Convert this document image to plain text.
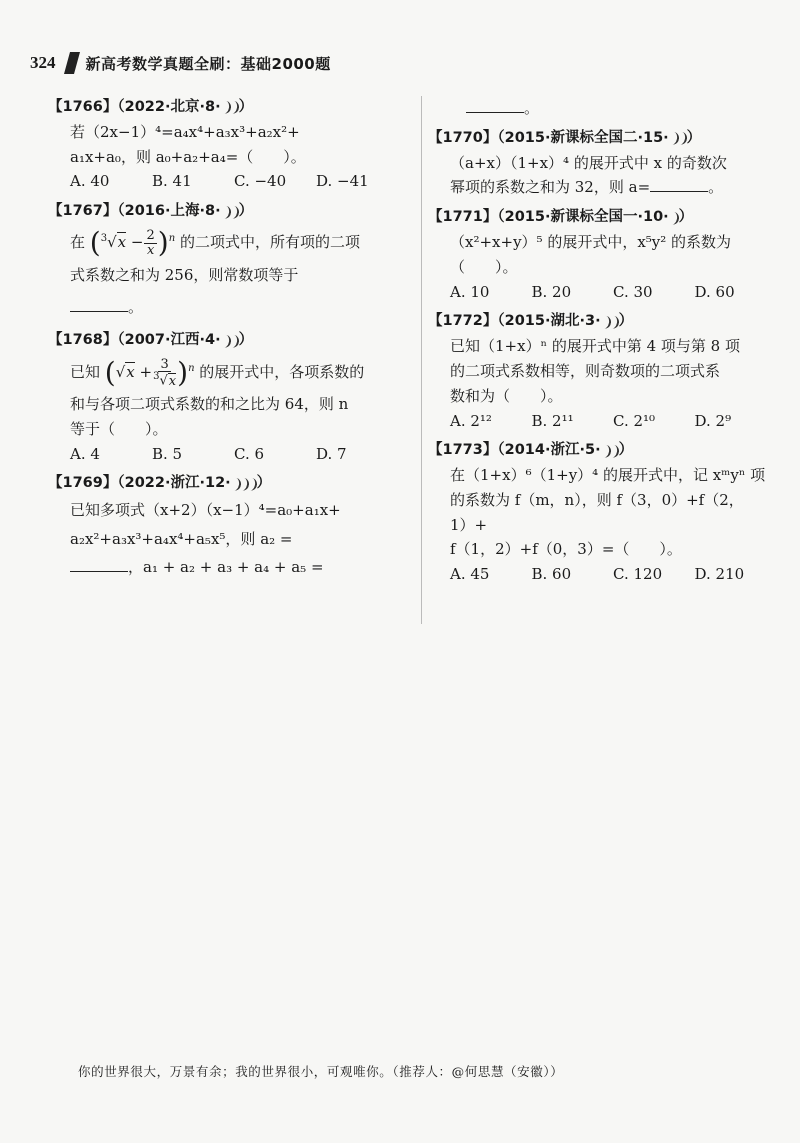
324 新高考数学真题全刷：基础2000题
【1766】（2022·北京·8· ）
若（2x−1）⁴=a₄x⁴+a₃x³+a₂x²+
a₁x+a₀，则 a₀+a₂+a₄=（　　）。
A. 40	B. 41	C. −40	D. −41
【1767】（2016·上海·8· ）
在 $(^3√x - \frac{2}{x} )^n$ 的二项式中，所有项的二项
式系数之和为 256，则常数项等于
。
【1768】（2007·江西·4· ）
已知 $(√x + \frac{3}{^3√x} )^n$ 的展开式中，各项系数的
和与各项二项式系数的和之比为 64，则 n
等于（　　）。
A. 4	B. 5	C. 6	D. 7
【1769】（2022·浙江·12· ）
已知多项式（x+2）（x−1）⁴=a₀+a₁x+
a₂x²+a₃x³+a₄x⁴+a₅x⁵，则 a₂ =
，a₁ + a₂ + a₃ + a₄ + a₅ =
。
【1770】（2015·新课标全国二·15· ）
（a+x）（1+x）⁴ 的展开式中 x 的奇数次
幂项的系数之和为 32，则 a=	。
【1771】（2015·新课标全国一·10· ）
（x²+x+y）⁵ 的展开式中，x⁵y² 的系数为
（　　）。
A. 10	B. 20	C. 30	D. 60
【1772】（2015·湖北·3· ）
已知（1+x）ⁿ 的展开式中第 4 项与第 8 项
的二项式系数相等，则奇数项的二项式系
数和为（　　）。
A. 2¹²	B. 2¹¹	C. 2¹⁰	D. 2⁹
【1773】（2014·浙江·5· ）
在（1+x）⁶（1+y）⁴ 的展开式中，记 xᵐyⁿ 项
的系数为 f（m，n），则 f（3，0）+f（2，1）+
f（1，2）+f（0，3）=（　　）。
A. 45	B. 60	C. 120	D. 210
你的世界很大，万景有余；我的世界很小，可观唯你。（推荐人：@何思慧（安徽））
